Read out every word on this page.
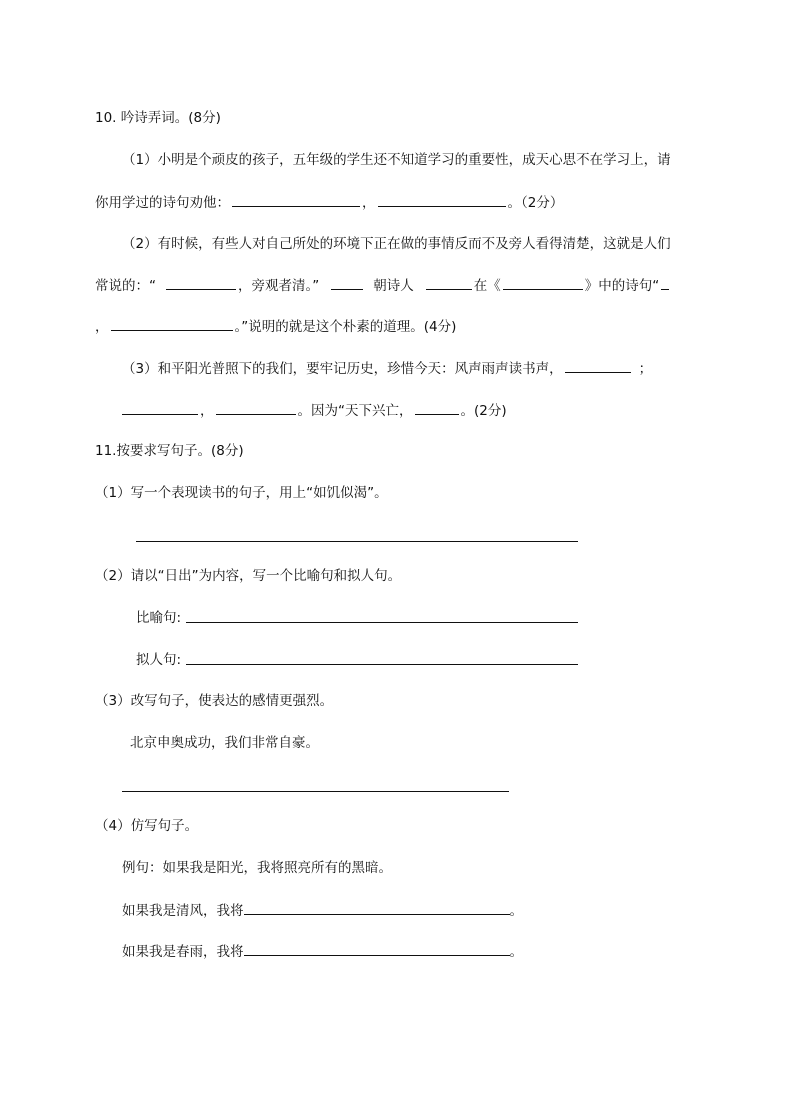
10. 吟诗弄词。(8分)
（1）小明是个顽皮的孩子，五年级的学生还不知道学习的重要性，成天心思不在学习上，请
你用学过的诗句劝他：	，	。（2分）
（2）有时候，有些人对自己所处的环境下正在做的事情反而不及旁人看得清楚，这就是人们
常说的：“	，旁观者清。”	朝诗人	在《	》中的诗句“
，	。”说明的就是这个朴素的道理。(4分)
（3）和平阳光普照下的我们，要牢记历史，珍惜今天：风声雨声读书声，	；
，	。因为“天下兴亡，	。(2分)
11.按要求写句子。(8分)
（1）写一个表现读书的句子，用上“如饥似渴”。
（2）请以“日出”为内容，写一个比喻句和拟人句。
比喻句:
拟人句:
（3）改写句子，使表达的感情更强烈。
北京申奥成功，我们非常自豪。
（4）仿写句子。
例句：如果我是阳光，我将照亮所有的黑暗。
如果我是清风，我将	。
如果我是春雨，我将	。
